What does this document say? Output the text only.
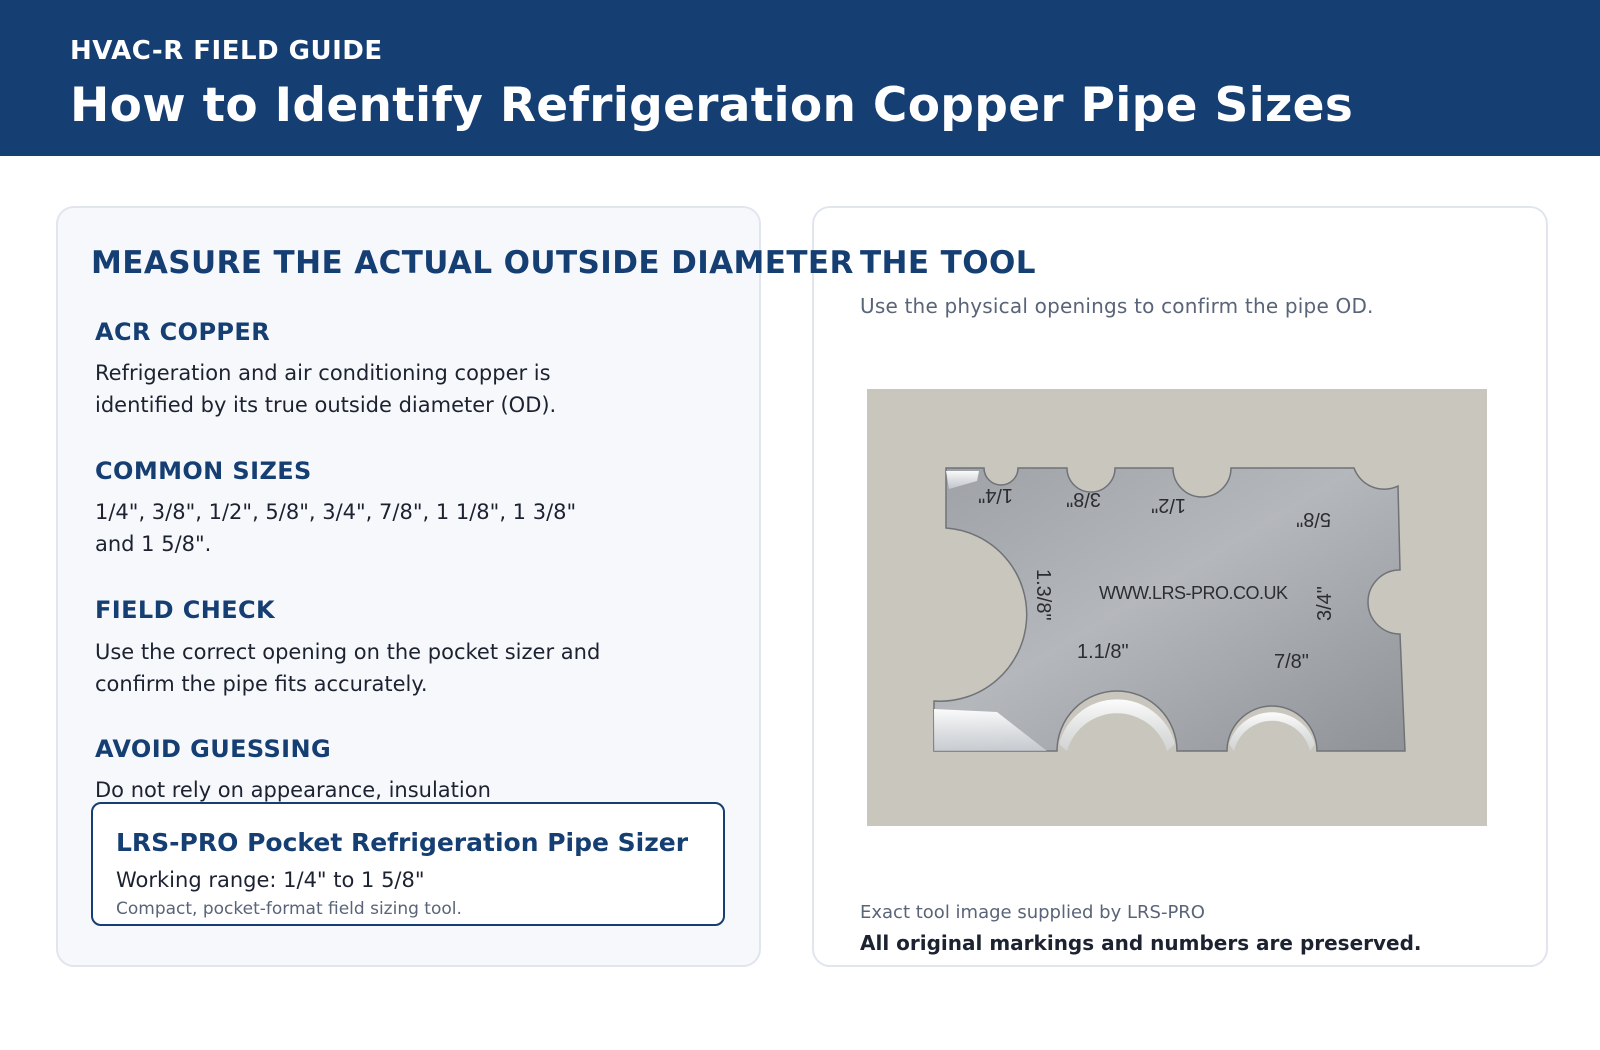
HVAC-R FIELD GUIDE
How to Identify Refrigeration Copper Pipe Sizes
MEASURE THE ACTUAL OUTSIDE DIAMETER
ACR COPPER
Refrigeration and air conditioning copper is identified by its true outside diameter (OD).
COMMON SIZES
1/4", 3/8", 1/2", 5/8", 3/4", 7/8", 1 1/8", 1 3/8" and 1 5/8".
FIELD CHECK
Use the correct opening on the pocket sizer and confirm the pipe fits accurately.
AVOID GUESSING
Do not rely on appearance, insulation
LRS-PRO Pocket Refrigeration Pipe Sizer
Working range: 1/4" to 1 5/8"
Compact, pocket-format field sizing tool.
THE TOOL
Use the physical openings to confirm the pipe OD.
1/4"	3/8"	1/2"
5/8"
3/4"
1.3/8"
1.1/8"	7/8"
WWW.LRS-PRO.CO.UK
Exact tool image supplied by LRS-PRO
All original markings and numbers are preserved.
